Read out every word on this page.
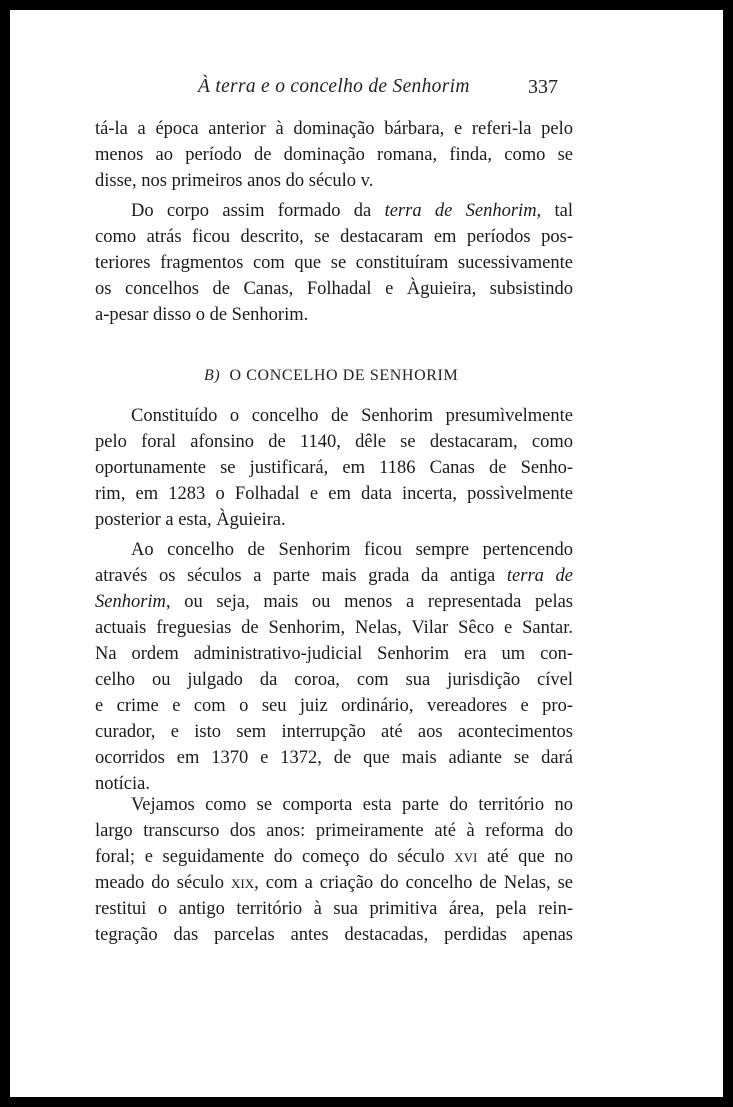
À terra e o concelho de Senhorim	337
tá-la a época anterior à dominação bárbara, e referi-la pelo
menos ao período de dominação romana, finda, como se
disse, nos primeiros anos do século v.
Do corpo assim formado da terra de Senhorim, tal
como atrás ficou descrito, se destacaram em períodos pos-
teriores fragmentos com que se constituíram sucessivamente
os concelhos de Canas, Folhadal e Àguieira, subsistindo
a-pesar disso o de Senhorim.
B) O CONCELHO DE SENHORIM
Constituído o concelho de Senhorim presumìvelmente
pelo foral afonsino de 1140, dêle se destacaram, como
oportunamente se justificará, em 1186 Canas de Senho-
rim, em 1283 o Folhadal e em data incerta, possìvelmente
posterior a esta, Àguieira.
Ao concelho de Senhorim ficou sempre pertencendo
através os séculos a parte mais grada da antiga terra de
Senhorim, ou seja, mais ou menos a representada pelas
actuais freguesias de Senhorim, Nelas, Vilar Sêco e Santar.
Na ordem administrativo-judicial Senhorim era um con-
celho ou julgado da coroa, com sua jurisdição cível
e crime e com o seu juiz ordinário, vereadores e pro-
curador, e isto sem interrupção até aos acontecimentos
ocorridos em 1370 e 1372, de que mais adiante se dará
notícia.
Vejamos como se comporta esta parte do território no
largo transcurso dos anos: primeiramente até à reforma do
foral; e seguidamente do começo do século xvi até que no
meado do século xix, com a criação do concelho de Nelas, se
restitui o antigo território à sua primitiva área, pela rein-
tegração das parcelas antes destacadas, perdidas apenas
